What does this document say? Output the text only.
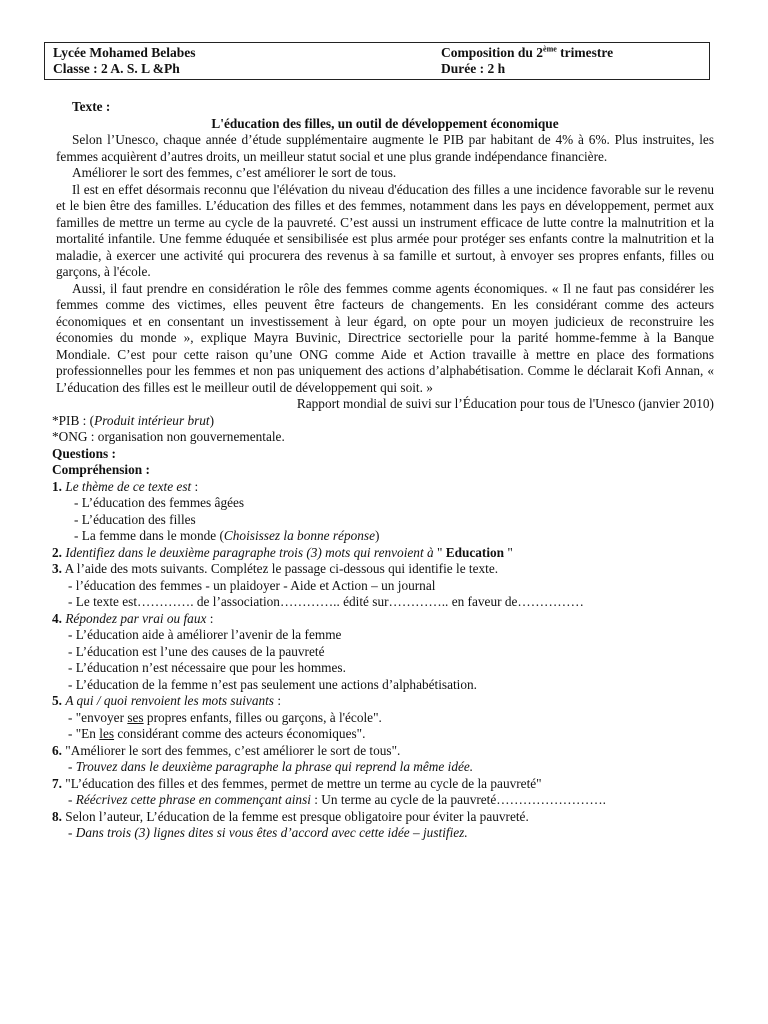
Lycée Mohamed Belabes
Classe : 2 A. S. L &Ph
Composition du 2ème trimestre
Durée : 2 h
Texte :
L'éducation des filles, un outil de développement économique

Selon l’Unesco, chaque année d’étude supplémentaire augmente le PIB par habitant de 4% à 6%. Plus instruites, les femmes acquièrent d’autres droits, un meilleur statut social et une plus grande indépendance financière.

Améliorer le sort des femmes, c’est améliorer le sort de tous.

Il est en effet désormais reconnu que l'élévation du niveau d'éducation des filles a une incidence favorable sur le revenu et le bien être des familles. L’éducation des filles et des femmes, notamment dans les pays en développement, permet aux familles de mettre un terme au cycle de la pauvreté. C’est aussi un instrument efficace de lutte contre la malnutrition et la mortalité infantile. Une femme éduquée et sensibilisée est plus armée pour protéger ses enfants contre la malnutrition et la maladie, à exercer une activité qui procurera des revenus à sa famille et surtout, à envoyer ses propres enfants, filles ou garçons, à l'école.

Aussi, il faut prendre en considération le rôle des femmes comme agents économiques. « Il ne faut pas considérer les femmes comme des victimes, elles peuvent être facteurs de changements. En les considérant comme des acteurs économiques et en consentant un investissement à leur égard, on opte pour un moyen judicieux de reconstruire les économies du monde », explique Mayra Buvinic, Directrice sectorielle pour la parité homme-femme à la Banque Mondiale. C’est pour cette raison qu’une ONG comme Aide et Action travaille à mettre en place des formations professionnelles pour les femmes et non pas uniquement des actions d’alphabétisation. Comme le déclarait Kofi Annan, « L’éducation des filles est le meilleur outil de développement qui soit. »

Rapport mondial de suivi sur l’Éducation pour tous de l'Unesco (janvier 2010)
*PIB : (Produit intérieur brut)
*ONG : organisation non gouvernementale.
Questions :
Compréhension :
1. Le thème de ce texte est :
- L’éducation des femmes âgées
- L’éducation des filles
- La femme dans le monde (Choisissez la bonne réponse)
2. Identifiez dans le deuxième paragraphe trois (3) mots qui renvoient à " Education "
3. A l’aide des mots suivants. Complétez le passage ci-dessous qui identifie le texte.
- l’éducation des femmes - un plaidoyer - Aide et Action – un journal
- Le texte est…………. de l’association………….. édité sur………….. en faveur de……………
4. Répondez par vrai ou faux :
- L’éducation aide à améliorer l’avenir de la femme
- L’éducation est l’une des causes de la pauvreté
- L’éducation n’est nécessaire que pour les hommes.
- L’éducation de la femme n’est pas seulement une actions d’alphabétisation.
5. A qui / quoi renvoient les mots suivants :
- "envoyer ses propres enfants, filles ou garçons, à l'école".
- "En les considérant comme des acteurs économiques".
6. "Améliorer le sort des femmes, c’est améliorer le sort de tous".
- Trouvez dans le deuxième paragraphe la phrase qui reprend la même idée.
7. "L’éducation des filles et des femmes, permet de mettre un terme au cycle de la pauvreté"
- Réécrivez cette phrase en commençant ainsi : Un terme au cycle de la pauvreté…………………….
8. Selon l’auteur, L’éducation de la femme est presque obligatoire pour éviter la pauvreté.
- Dans trois (3) lignes dites si vous êtes d’accord avec cette idée – justifiez.
